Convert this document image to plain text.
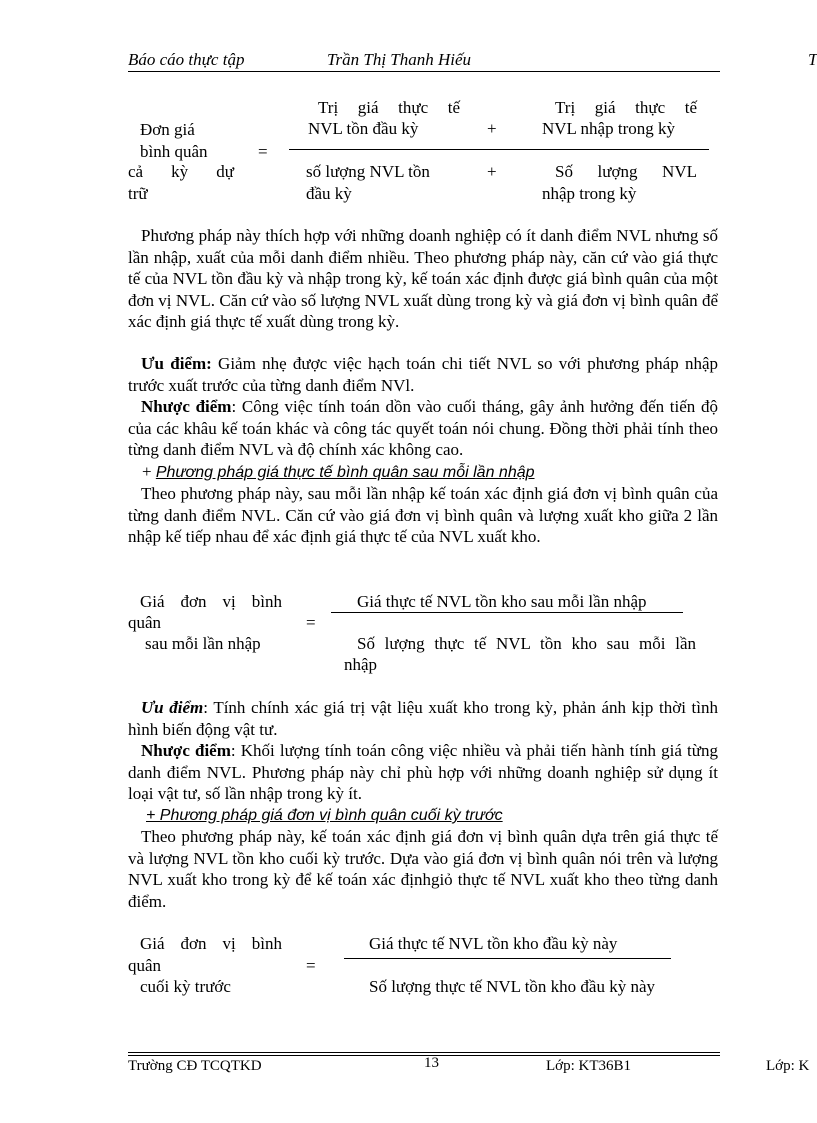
Báo cáo thực tập	Trần Thị Thanh Hiếu	T
Đơn giá
bình quân
cả kỳ dự
trữ
=
Trị giá thực tế
NVL tồn đầu kỳ	+
Trị giá thực tế
NVL nhập trong kỳ
số lượng NVL tồn
đầu kỳ
+	Số lượng NVL
nhập trong kỳ
Phương pháp này thích hợp với những doanh nghiệp có ít danh điểm NVL nhưng số lần nhập, xuất của mỗi danh điểm nhiều. Theo phương pháp này, căn cứ vào giá thực tế của NVL tồn đầu kỳ và nhập trong kỳ, kế toán xác định được giá bình quân của một đơn vị NVL. Căn cứ vào số lượng NVL xuất dùng trong kỳ và giá đơn vị bình quân để xác định giá thực tế xuất dùng trong kỳ.
Ưu điểm: Giảm nhẹ được việc hạch toán chi tiết NVL so với phương pháp nhập trước xuất trước của từng danh điểm NVl.
Nhược điểm: Công việc tính toán dồn vào cuối tháng, gây ảnh hưởng đến tiến độ của các khâu kế toán khác và công tác quyết toán nói chung. Đồng thời phải tính theo từng danh điểm NVL và độ chính xác không cao.
+ Phương pháp giá thực tế bình quân sau mỗi lần nhập
Theo phương pháp này, sau mỗi lần nhập kế toán xác định giá đơn vị bình quân của từng danh điểm NVL. Căn cứ vào giá đơn vị bình quân và lượng xuất kho giữa 2 lần nhập kế tiếp nhau để xác định giá thực tế của NVL xuất kho.
Giá đơn vị bình
quân
sau mỗi lần nhập
=
Giá thực tế NVL tồn kho sau mỗi lần nhập
Số lượng thực tế NVL tồn kho sau mỗi lần
nhập
Ưu điểm: Tính chính xác giá trị vật liệu xuất kho trong kỳ, phản ánh kịp thời tình hình biến động vật tư.
Nhược điểm: Khối lượng tính toán công việc nhiều và phải tiến hành tính giá từng danh điểm NVL. Phương pháp này chỉ phù hợp với những doanh nghiệp sử dụng ít loại vật tư, số lần nhập trong kỳ ít.
+ Phương pháp giá đơn vị bình quân cuối kỳ trước
Theo phương pháp này, kế toán xác định giá đơn vị bình quân dựa trên giá thực tế và lượng NVL tồn kho cuối kỳ trước. Dựa vào giá đơn vị bình quân nói trên và lượng NVL xuất kho trong kỳ để kế toán xác địnhgiỏ thực tế NVL xuất kho theo từng danh điểm.
Giá đơn vị bình
quân
cuối kỳ trước
=
Giá thực tế NVL tồn kho đầu kỳ này
Số lượng thực tế NVL tồn kho đầu kỳ này
Trường CĐ TCQTKD	13	Lớp: KT36B1	Lớp: K
